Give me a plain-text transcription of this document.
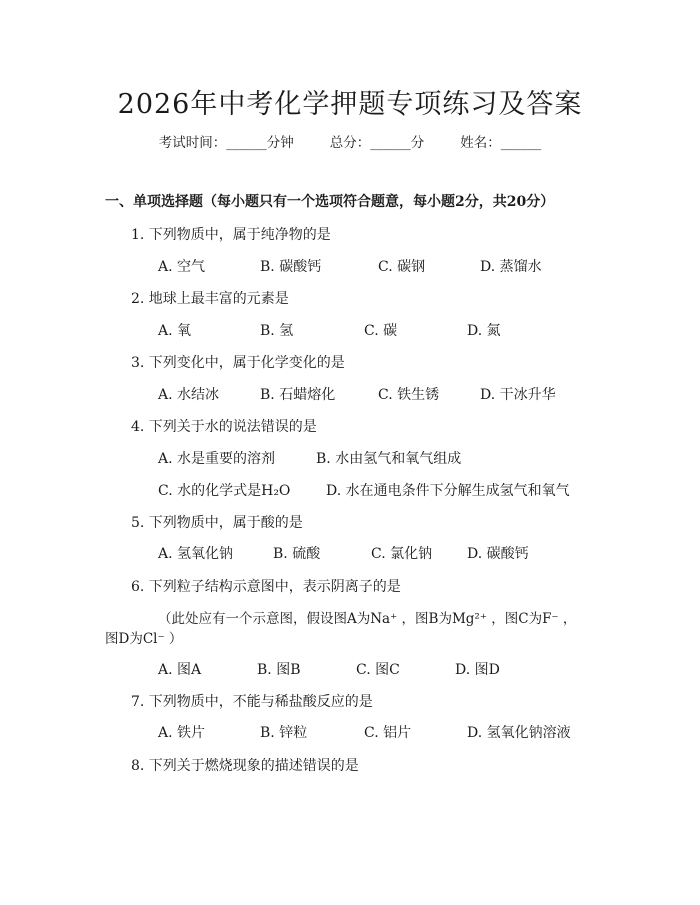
2026年中考化学押题专项练习及答案
考试时间：______分钟	总分：______分	姓名：______
一、单项选择题（每小题只有一个选项符合题意，每小题2分，共20分）
1. 下列物质中，属于纯净物的是
A. 空气	B. 碳酸钙	C. 碳钢	D. 蒸馏水
2. 地球上最丰富的元素是
A. 氧	B. 氢	C. 碳	D. 氮
3. 下列变化中，属于化学变化的是
A. 水结冰	B. 石蜡熔化	C. 铁生锈	D. 干冰升华
4. 下列关于水的说法错误的是
A. 水是重要的溶剂	B. 水由氢气和氧气组成
C. 水的化学式是H₂O	D. 水在通电条件下分解生成氢气和氧气
5. 下列物质中，属于酸的是
A. 氢氧化钠	B. 硫酸	C. 氯化钠 D. 碳酸钙
6. 下列粒子结构示意图中，表示阴离子的是
（此处应有一个示意图，假设图A为Na⁺ ，图B为Mg²⁺ ，图C为F⁻ ，
图D为Cl⁻ ）
A. 图A	B. 图B	C. 图C	D. 图D
7. 下列物质中，不能与稀盐酸反应的是
A. 铁片	B. 锌粒	C. 铝片	D. 氢氧化钠溶液
8. 下列关于燃烧现象的描述错误的是
